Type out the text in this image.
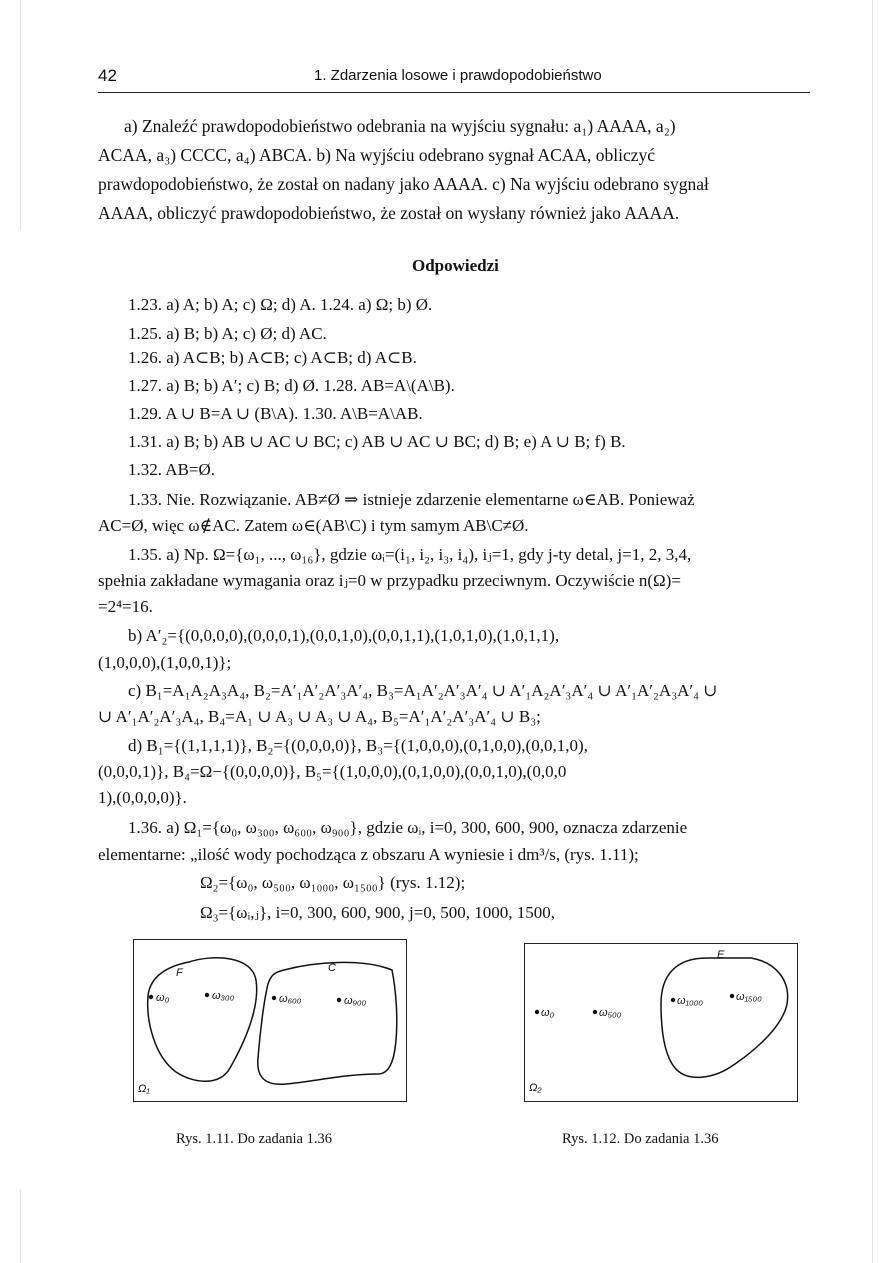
42	1. Zdarzenia losowe i prawdopodobieństwo
a) Znaleźć prawdopodobieństwo odebrania na wyjściu sygnału: a₁) AAAA, a₂)
ACAA, a₃) CCCC, a₄) ABCA. b) Na wyjściu odebrano sygnał ACAA, obliczyć
prawdopodobieństwo, że został on nadany jako AAAA. c) Na wyjściu odebrano sygnał
AAAA, obliczyć prawdopodobieństwo, że został on wysłany również jako AAAA.
Odpowiedzi
1.23. a) A; b) A; c) Ω; d) A. 1.24. a) Ω; b) Ø.
1.25. a) B; b) A; c) Ø; d) AC.
1.26. a) A⊂B; b) A⊂B; c) A⊂B; d) A⊂B.
1.27. a) B; b) A′; c) B; d) Ø. 1.28. AB=A\(A\B).
1.29. A ∪ B=A ∪ (B\A). 1.30. A\B=A\AB.
1.31. a) B; b) AB ∪ AC ∪ BC; c) AB ∪ AC ∪ BC; d) B; e) A ∪ B; f) B.
1.32. AB=Ø.
1.33. Nie. Rozwiązanie. AB≠Ø ⇒ istnieje zdarzenie elementarne ω∈AB. Ponieważ
AC=Ø, więc ω∉AC. Zatem ω∈(AB\C) i tym samym AB\C≠Ø.
1.35. a) Np. Ω={ω₁, ..., ω₁₆}, gdzie ωᵢ=(i₁, i₂, i₃, i₄), iⱼ=1, gdy j-ty detal, j=1, 2, 3,4,
spełnia zakładane wymagania oraz iⱼ=0 w przypadku przeciwnym. Oczywiście n(Ω)=
=2⁴=16.
b) A′₂={(0,0,0,0),(0,0,0,1),(0,0,1,0),(0,0,1,1),(1,0,1,0),(1,0,1,1),
(1,0,0,0),(1,0,0,1)};
c) B₁=A₁A₂A₃A₄, B₂=A′₁A′₂A′₃A′₄, B₃=A₁A′₂A′₃A′₄ ∪ A′₁A₂A′₃A′₄ ∪ A′₁A′₂A₃A′₄ ∪
∪ A′₁A′₂A′₃A₄, B₄=A₁ ∪ A₃ ∪ A₃ ∪ A₄, B₅=A′₁A′₂A′₃A′₄ ∪ B₃;
d) B₁={(1,1,1,1)}, B₂={(0,0,0,0)}, B₃={(1,0,0,0),(0,1,0,0),(0,0,1,0),
(0,0,0,1)}, B₄=Ω−{(0,0,0,0)}, B₅={(1,0,0,0),(0,1,0,0),(0,0,1,0),(0,0,0
1),(0,0,0,0)}.
1.36. a) Ω₁={ω₀, ω₃₀₀, ω₆₀₀, ω₉₀₀}, gdzie ωᵢ, i=0, 300, 600, 900, oznacza zdarzenie
elementarne: „ilość wody pochodząca z obszaru A wyniesie i dm³/s, (rys. 1.11);
Ω₂={ω₀, ω₅₀₀, ω₁₀₀₀, ω₁₅₀₀} (rys. 1.12);
Ω₃={ωᵢ,ⱼ}, i=0, 300, 600, 900, j=0, 500, 1000, 1500,
F	C
ω₀	ω₃₀₀	ω₆₀₀	ω₉₀₀
Ω₁
E
ω₀	ω₅₀₀
ω₁₀₀₀	ω₁₅₀₀
Ω₂
Rys. 1.11. Do zadania 1.36	Rys. 1.12. Do zadania 1.36
